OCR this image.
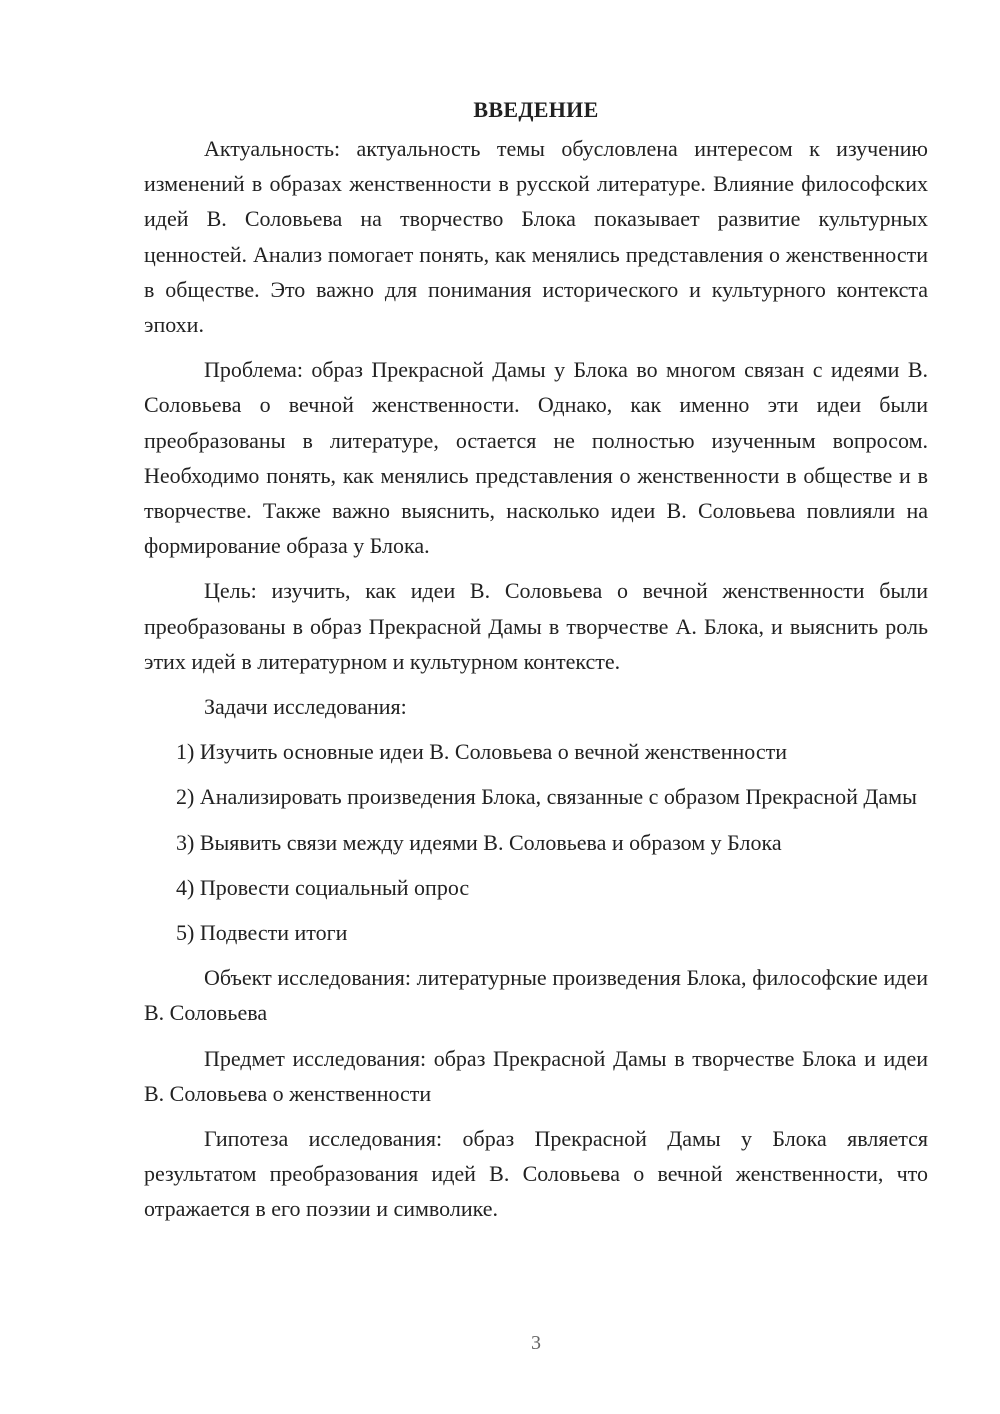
ВВЕДЕНИЕ

Актуальность: актуальность темы обусловлена интересом к изучению изменений в образах женственности в русской литературе. Влияние философских идей В. Соловьева на творчество Блока показывает развитие культурных ценностей. Анализ помогает понять, как менялись представления о женственности в обществе. Это важно для понимания исторического и культурного контекста эпохи.

Проблема: образ Прекрасной Дамы у Блока во многом связан с идеями В. Соловьева о вечной женственности. Однако, как именно эти идеи были преобразованы в литературе, остается не полностью изученным вопросом. Необходимо понять, как менялись представления о женственности в обществе и в творчестве. Также важно выяснить, насколько идеи В. Соловьева повлияли на формирование образа у Блока.

Цель: изучить, как идеи В. Соловьева о вечной женственности были преобразованы в образ Прекрасной Дамы в творчестве А. Блока, и выяснить роль этих идей в литературном и культурном контексте.

Задачи исследования:

1) Изучить основные идеи В. Соловьева о вечной женственности

2) Анализировать произведения Блока, связанные с образом Прекрасной Дамы

3) Выявить связи между идеями В. Соловьева и образом у Блока

4) Провести социальный опрос

5) Подвести итоги

Объект исследования: литературные произведения Блока, философские идеи В. Соловьева

Предмет исследования: образ Прекрасной Дамы в творчестве Блока и идеи В. Соловьева о женственности

Гипотеза исследования: образ Прекрасной Дамы у Блока является результатом преобразования идей В. Соловьева о вечной женственности, что отражается в его поэзии и символике.

3
